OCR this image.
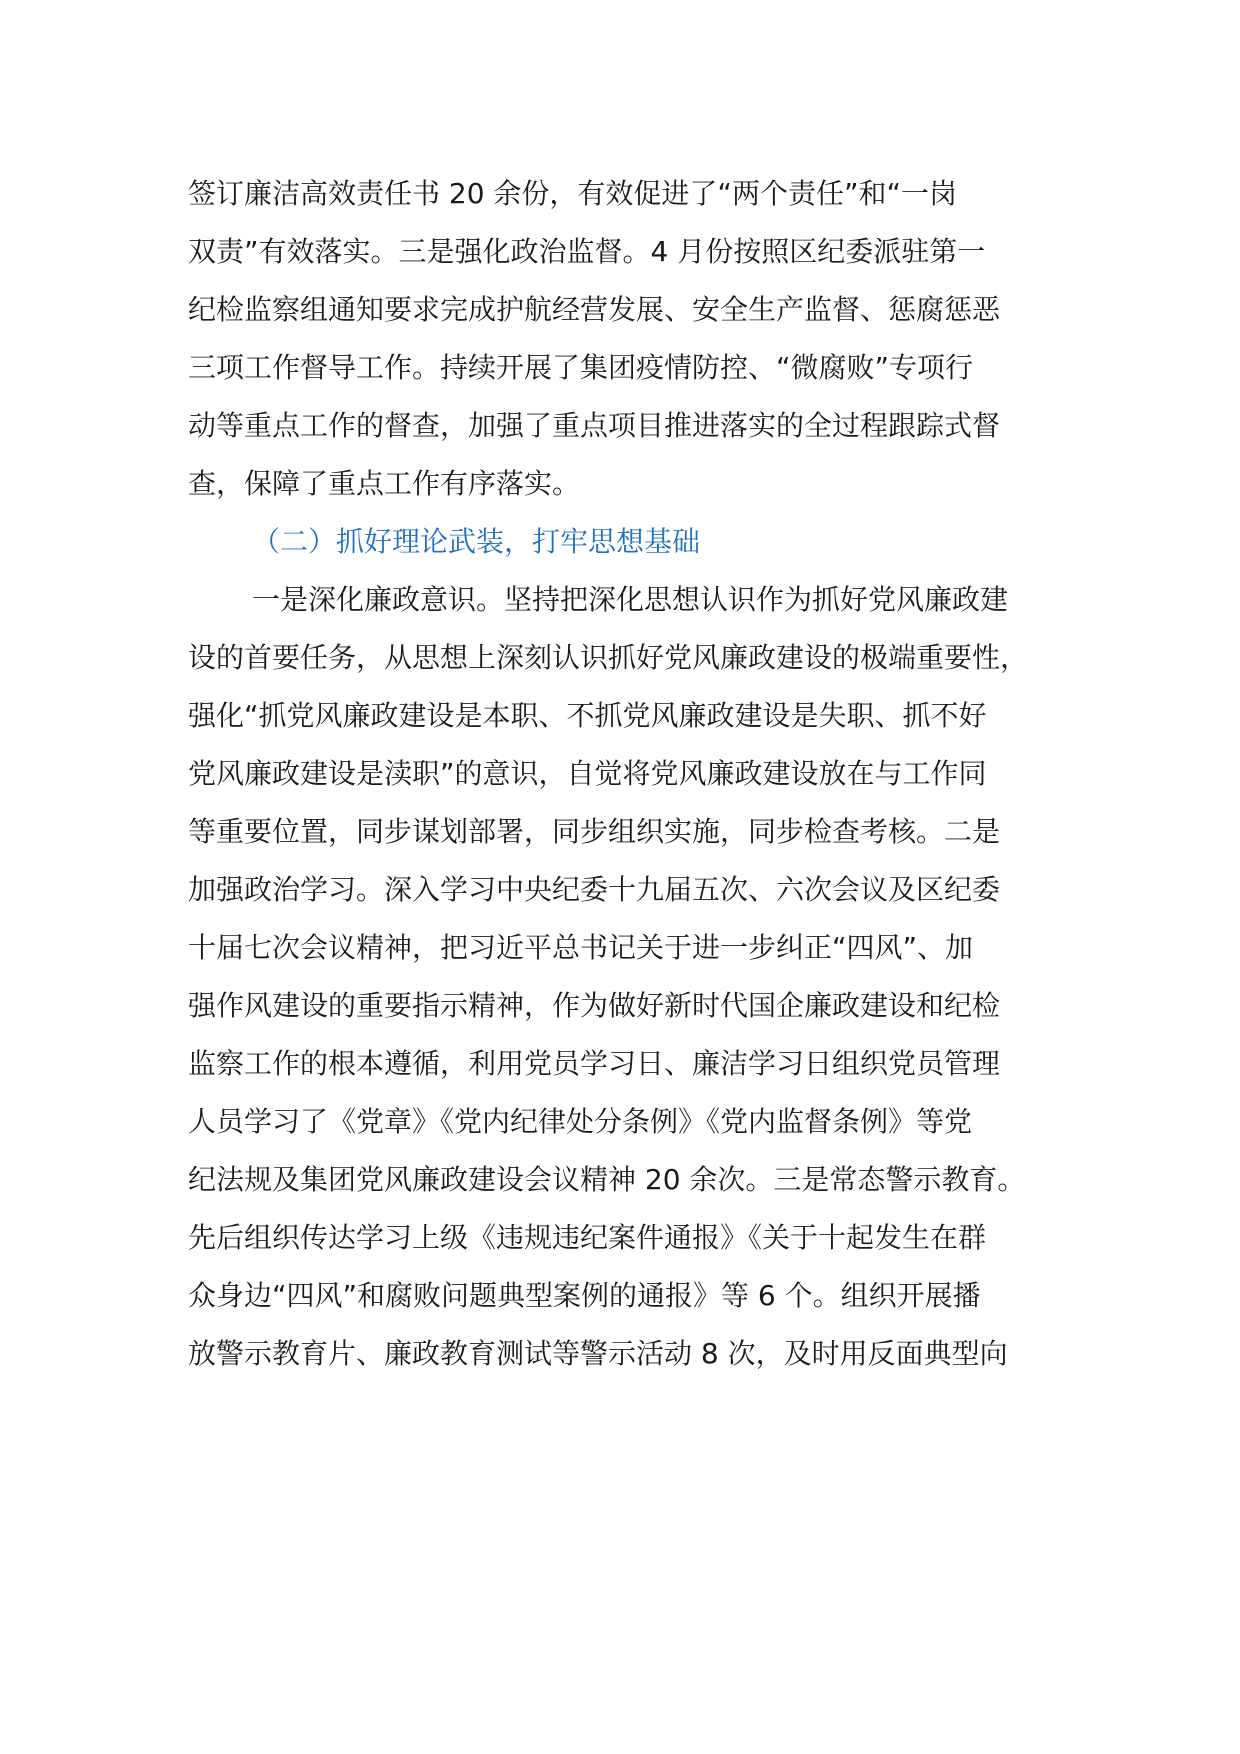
签订廉洁高效责任书 20 余份，有效促进了“两个责任”和“一岗
双责”有效落实。三是强化政治监督。4 月份按照区纪委派驻第一
纪检监察组通知要求完成护航经营发展、安全生产监督、惩腐惩恶
三项工作督导工作。持续开展了集团疫情防控、“微腐败”专项行
动等重点工作的督查，加强了重点项目推进落实的全过程跟踪式督
查，保障了重点工作有序落实。
（二）抓好理论武装，打牢思想基础
一是深化廉政意识。坚持把深化思想认识作为抓好党风廉政建
设的首要任务，从思想上深刻认识抓好党风廉政建设的极端重要性，
强化“抓党风廉政建设是本职、不抓党风廉政建设是失职、抓不好
党风廉政建设是渎职”的意识，自觉将党风廉政建设放在与工作同
等重要位置，同步谋划部署，同步组织实施，同步检查考核。二是
加强政治学习。深入学习中央纪委十九届五次、六次会议及区纪委
十届七次会议精神，把习近平总书记关于进一步纠正“四风”、加
强作风建设的重要指示精神，作为做好新时代国企廉政建设和纪检
监察工作的根本遵循，利用党员学习日、廉洁学习日组织党员管理
人员学习了《党章》《党内纪律处分条例》《党内监督条例》等党
纪法规及集团党风廉政建设会议精神 20 余次。三是常态警示教育。
先后组织传达学习上级《违规违纪案件通报》《关于十起发生在群
众身边“四风”和腐败问题典型案例的通报》等 6 个。组织开展播
放警示教育片、廉政教育测试等警示活动 8 次，及时用反面典型向
